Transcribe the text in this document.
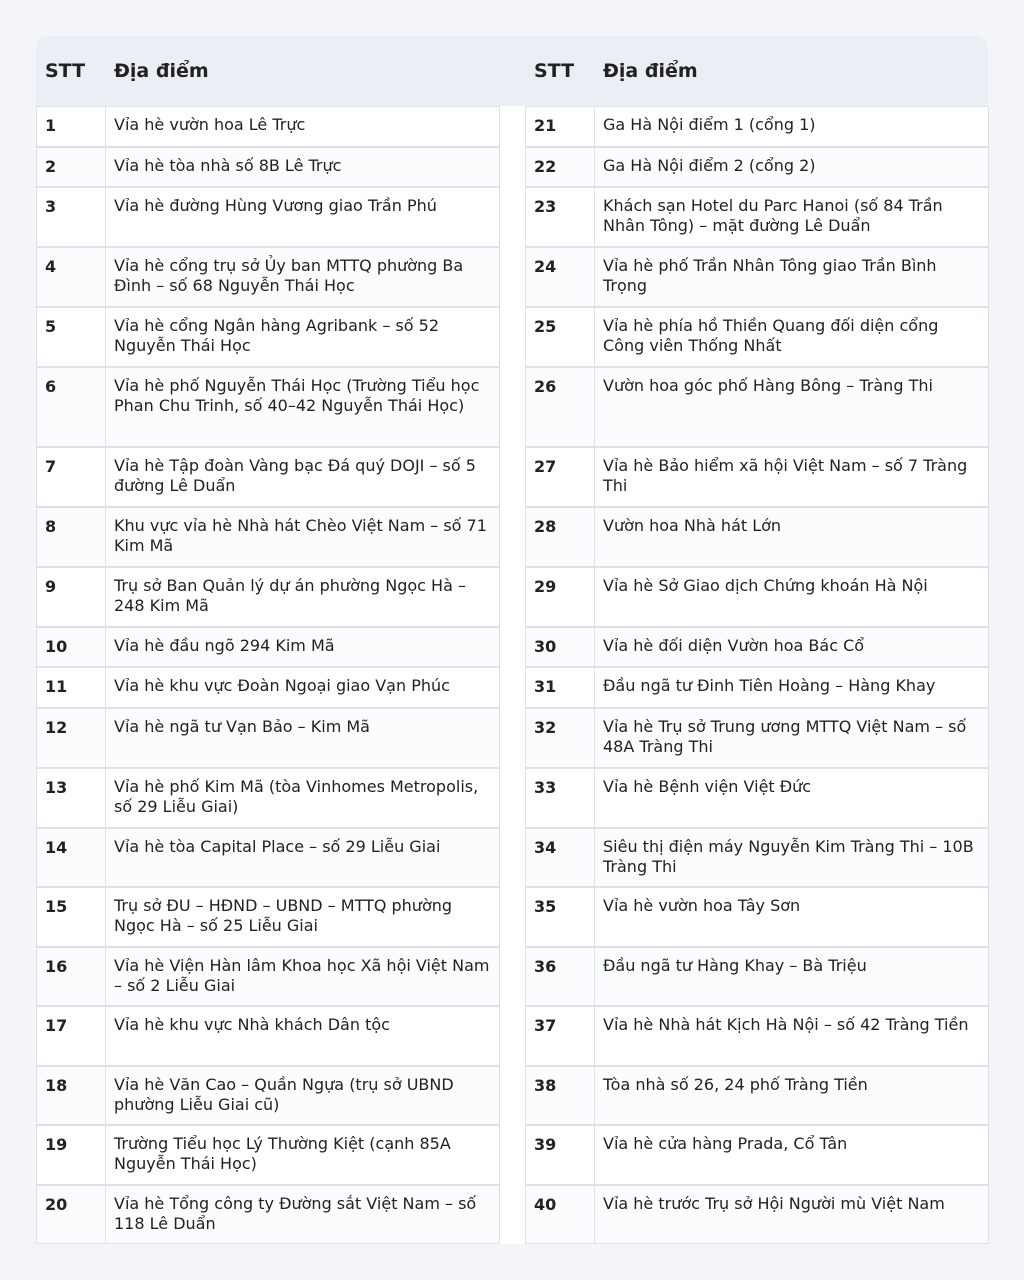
STT Địa điểm	STT Địa điểm
1	Vỉa hè vườn hoa Lê Trực
2	Vỉa hè tòa nhà số 8B Lê Trực
3	Vỉa hè đường Hùng Vương giao Trần Phú
4	Vỉa hè cổng trụ sở Ủy ban MTTQ phường Ba Đình – số 68 Nguyễn Thái Học
5	Vỉa hè cổng Ngân hàng Agribank – số 52 Nguyễn Thái Học
6	Vỉa hè phố Nguyễn Thái Học (Trường Tiểu học Phan Chu Trinh, số 40–42 Nguyễn Thái Học)
7	Vỉa hè Tập đoàn Vàng bạc Đá quý DOJI – số 5 đường Lê Duẩn
8	Khu vực vỉa hè Nhà hát Chèo Việt Nam – số 71 Kim Mã
9	Trụ sở Ban Quản lý dự án phường Ngọc Hà – 248 Kim Mã
10	Vỉa hè đầu ngõ 294 Kim Mã
11	Vỉa hè khu vực Đoàn Ngoại giao Vạn Phúc
12	Vỉa hè ngã tư Vạn Bảo – Kim Mã
13	Vỉa hè phố Kim Mã (tòa Vinhomes Metropolis, số 29 Liễu Giai)
14	Vỉa hè tòa Capital Place – số 29 Liễu Giai
15	Trụ sở ĐU – HĐND – UBND – MTTQ phường Ngọc Hà – số 25 Liễu Giai
16	Vỉa hè Viện Hàn lâm Khoa học Xã hội Việt Nam – số 2 Liễu Giai
17	Vỉa hè khu vực Nhà khách Dân tộc
18	Vỉa hè Văn Cao – Quần Ngựa (trụ sở UBND phường Liễu Giai cũ)
19	Trường Tiểu học Lý Thường Kiệt (cạnh 85A Nguyễn Thái Học)
20	Vỉa hè Tổng công ty Đường sắt Việt Nam – số 118 Lê Duẩn
21	Ga Hà Nội điểm 1 (cổng 1)
22	Ga Hà Nội điểm 2 (cổng 2)
23	Khách sạn Hotel du Parc Hanoi (số 84 Trần Nhân Tông) – mặt đường Lê Duẩn
24	Vỉa hè phố Trần Nhân Tông giao Trần Bình Trọng
25	Vỉa hè phía hồ Thiền Quang đối diện cổng Công viên Thống Nhất
26	Vườn hoa góc phố Hàng Bông – Tràng Thi
27	Vỉa hè Bảo hiểm xã hội Việt Nam – số 7 Tràng Thi
28	Vườn hoa Nhà hát Lớn
29	Vỉa hè Sở Giao dịch Chứng khoán Hà Nội
30	Vỉa hè đối diện Vườn hoa Bác Cổ
31	Đầu ngã tư Đinh Tiên Hoàng – Hàng Khay
32	Vỉa hè Trụ sở Trung ương MTTQ Việt Nam – số 48A Tràng Thi
33	Vỉa hè Bệnh viện Việt Đức
34	Siêu thị điện máy Nguyễn Kim Tràng Thi – 10B Tràng Thi
35	Vỉa hè vườn hoa Tây Sơn
36	Đầu ngã tư Hàng Khay – Bà Triệu
37	Vỉa hè Nhà hát Kịch Hà Nội – số 42 Tràng Tiền
38	Tòa nhà số 26, 24 phố Tràng Tiền
39	Vỉa hè cửa hàng Prada, Cổ Tân
40	Vỉa hè trước Trụ sở Hội Người mù Việt Nam
